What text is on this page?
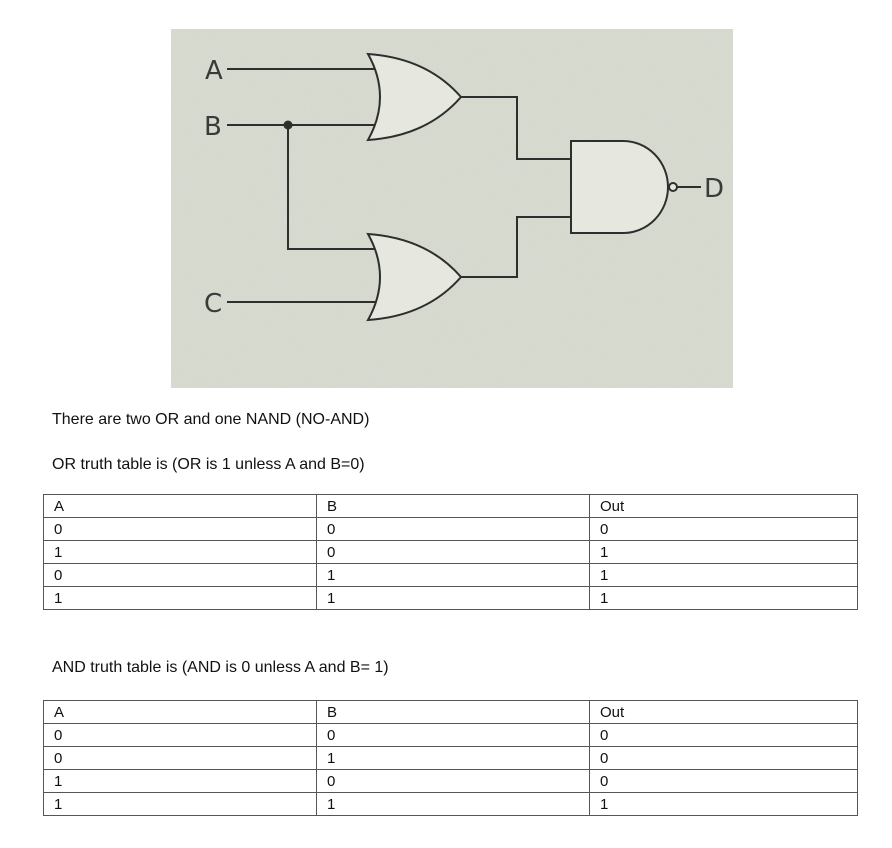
A
B
C
D
There are two OR and one NAND (NO-AND)
OR truth table is (OR is 1 unless A and B=0)
A	B	Out
0	0	0
1	0	1
0	1	1
1	1	1
AND truth table is (AND is 0 unless A and B= 1)
A	B	Out
0	0	0
0	1	0
1	0	0
1	1	1
